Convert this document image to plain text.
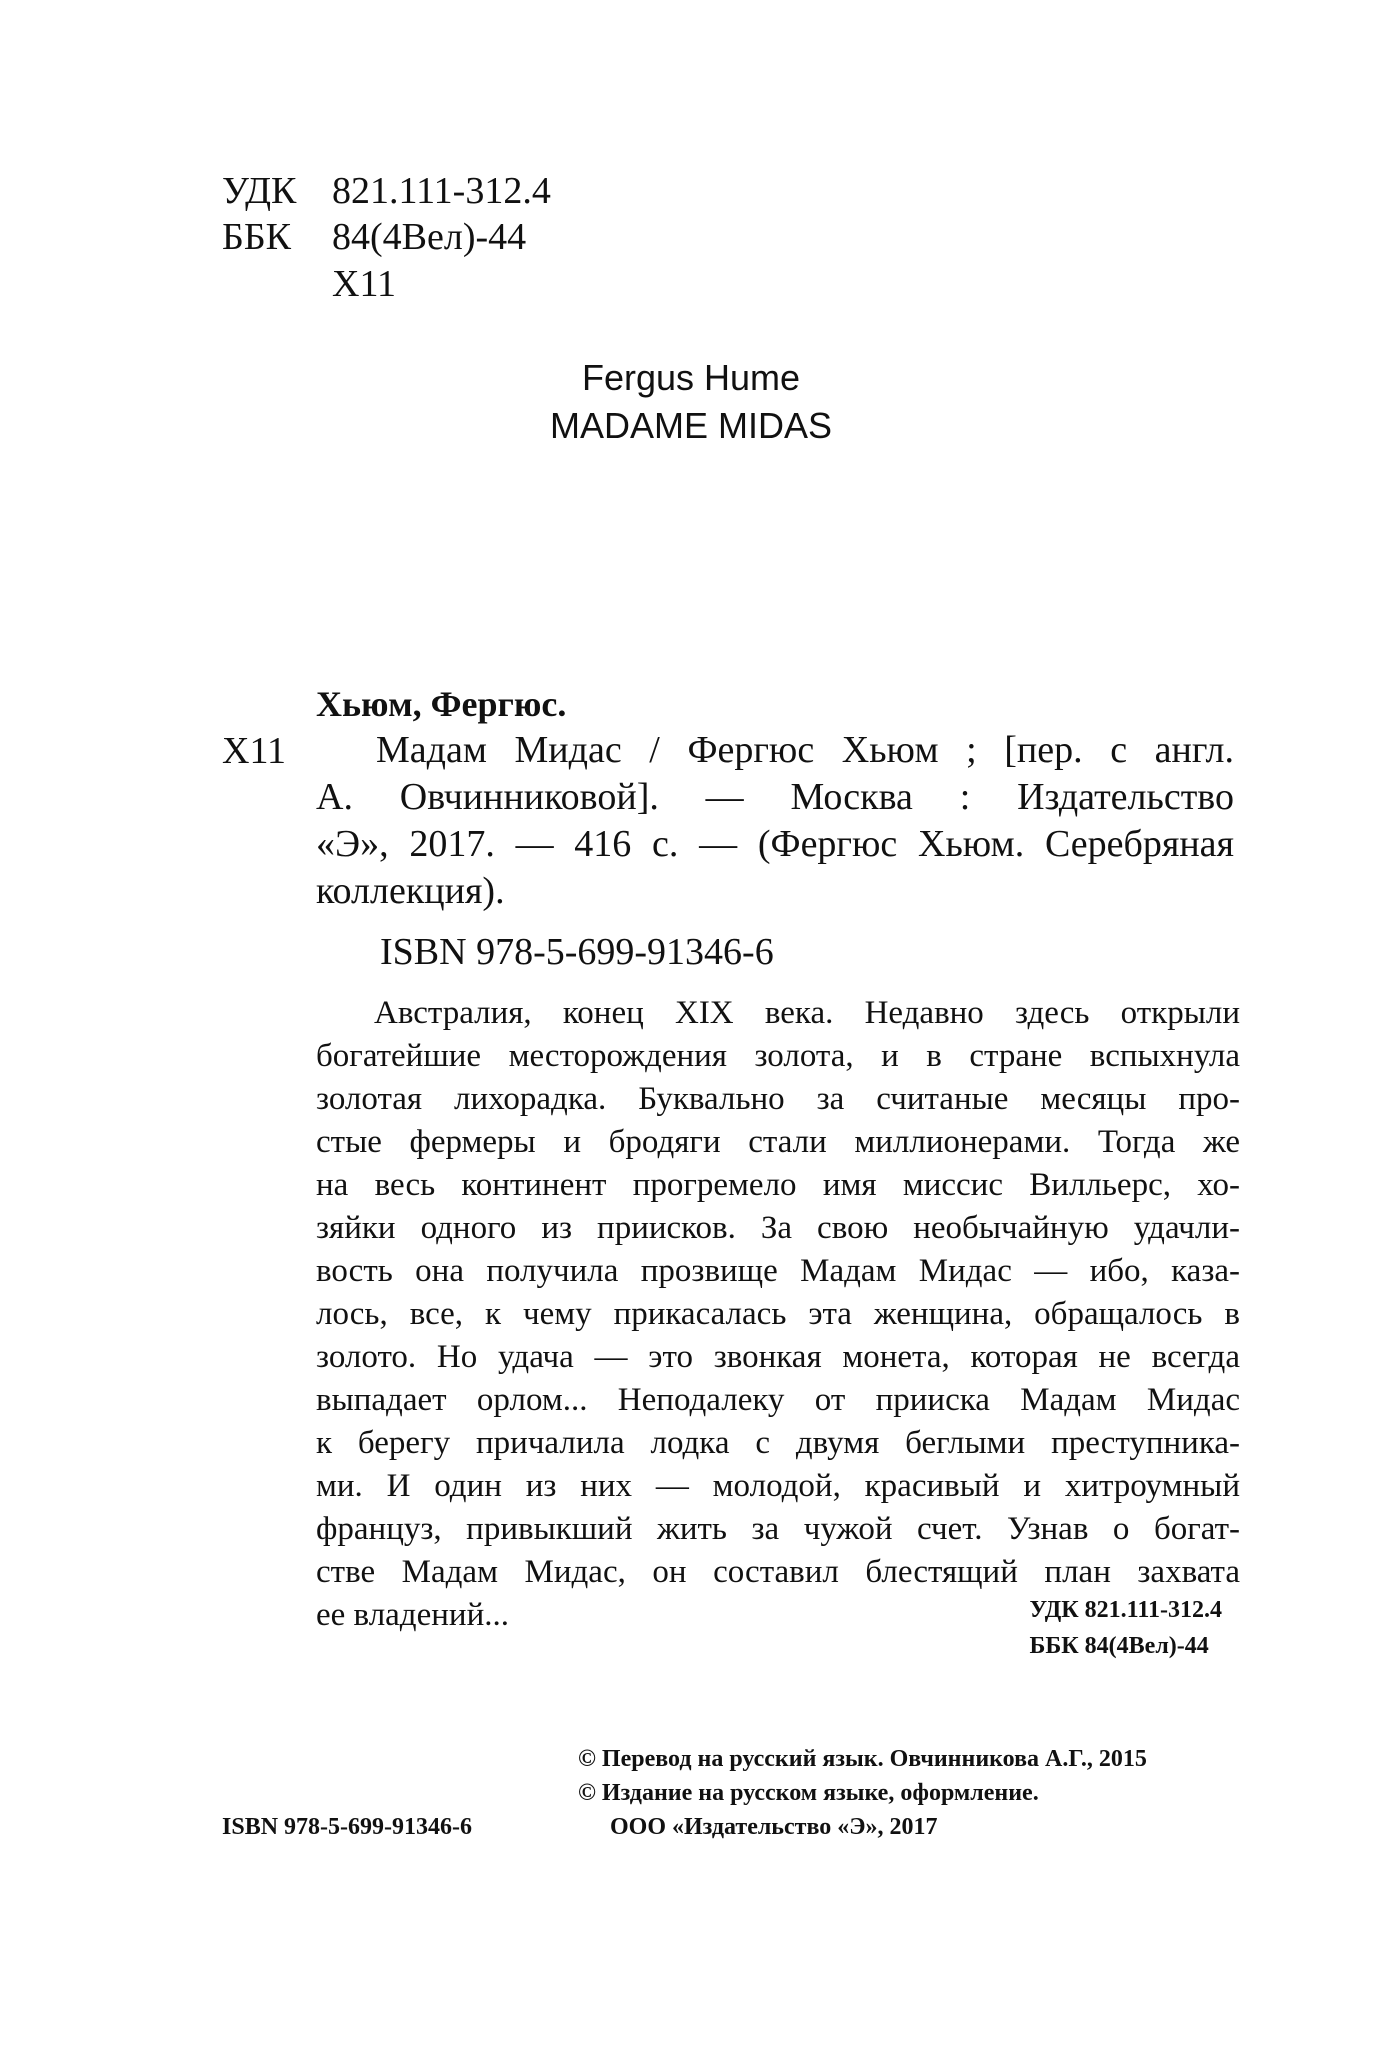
УДК 821.111-312.4
ББК 84(4Вел)-44
Х11
Fergus Hume
MADAME MIDAS
Хьюм, Фергюс.
Х11	Мадам Мидас / Фергюс Хьюм ; [пер. с англ.
А. Овчинниковой]. — Москва : Издательство
«Э», 2017. — 416 с. — (Фергюс Хьюм. Серебряная
коллекция).
ISBN 978-5-699-91346-6
Австралия, конец XIX века. Недавно здесь открыли
богатейшие месторождения золота, и в стране вспыхнула
золотая лихорадка. Буквально за считаные месяцы про-
стые фермеры и бродяги стали миллионерами. Тогда же
на весь континент прогремело имя миссис Вилльерс, хо-
зяйки одного из приисков. За свою необычайную удачли-
вость она получила прозвище Мадам Мидас — ибо, каза-
лось, все, к чему прикасалась эта женщина, обращалось в
золото. Но удача — это звонкая монета, которая не всегда
выпадает орлом... Неподалеку от прииска Мадам Мидас
к берегу причалила лодка с двумя беглыми преступника-
ми. И один из них — молодой, красивый и хитроумный
француз, привыкший жить за чужой счет. Узнав о богат-
стве Мадам Мидас, он составил блестящий план захвата
ее владений...	УДК 821.111-312.4
ББК 84(4Вел)-44
© Перевод на русский язык. Овчинникова А.Г., 2015
© Издание на русском языке, оформление.
ISBN 978-5-699-91346-6	ООО «Издательство «Э», 2017
